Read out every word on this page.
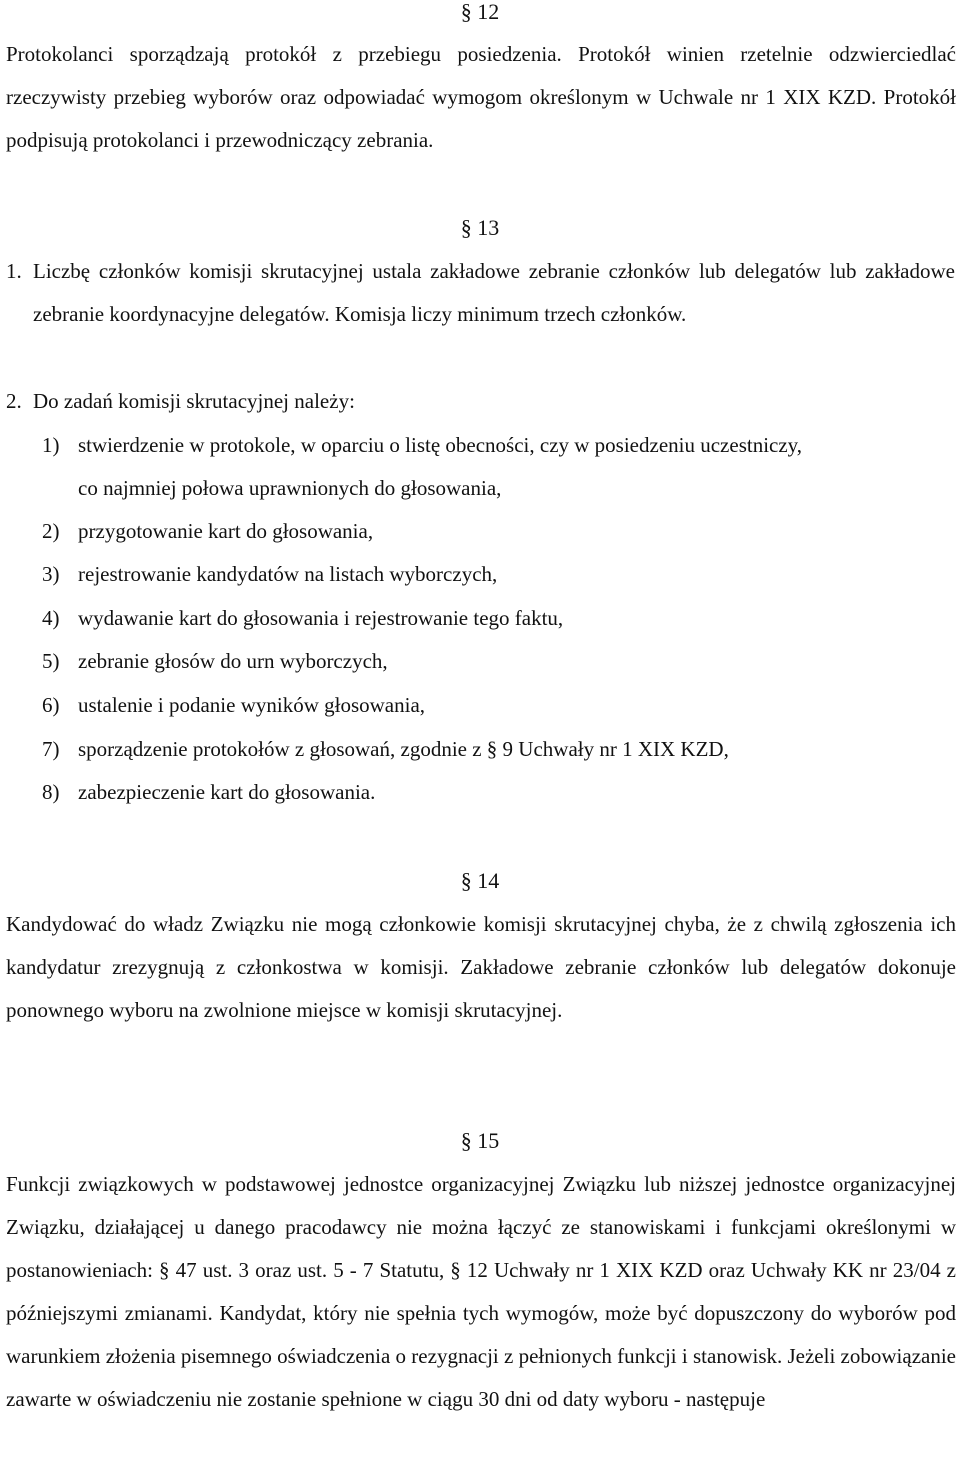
§ 12

Protokolanci sporządzają protokół z przebiegu posiedzenia. Protokół winien rzetelnie odzwierciedlać rzeczywisty przebieg wyborów oraz odpowiadać wymogom określonym w Uchwale nr 1 XIX KZD. Protokół podpisują protokolanci i przewodniczący zebrania.

§ 13
1. Liczbę członków komisji skrutacyjnej ustala zakładowe zebranie członków lub delegatów lub zakładowe zebranie koordynacyjne delegatów. Komisja liczy minimum trzech członków.

2. Do zadań komisji skrutacyjnej należy:
1) stwierdzenie w protokole, w oparciu o listę obecności, czy w posiedzeniu uczestniczy,
co najmniej połowa uprawnionych do głosowania,
2) przygotowanie kart do głosowania,
3) rejestrowanie kandydatów na listach wyborczych,
4) wydawanie kart do głosowania i rejestrowanie tego faktu,
5) zebranie głosów do urn wyborczych,
6) ustalenie i podanie wyników głosowania,
7) sporządzenie protokołów z głosowań, zgodnie z § 9 Uchwały nr 1 XIX KZD,
8) zabezpieczenie kart do głosowania.
§ 14

Kandydować do władz Związku nie mogą członkowie komisji skrutacyjnej chyba, że z chwilą zgłoszenia ich kandydatur zrezygnują z członkostwa w komisji. Zakładowe zebranie członków lub delegatów dokonuje ponownego wyboru na zwolnione miejsce w komisji skrutacyjnej.

§ 15

Funkcji związkowych w podstawowej jednostce organizacyjnej Związku lub niższej jednostce organizacyjnej Związku, działającej u danego pracodawcy nie można łączyć ze stanowiskami i funkcjami określonymi w postanowieniach: § 47 ust. 3 oraz ust. 5 - 7 Statutu, § 12 Uchwały nr 1 XIX KZD oraz Uchwały KK nr 23/04 z późniejszymi zmianami. Kandydat, który nie spełnia tych wymogów, może być dopuszczony do wyborów pod warunkiem złożenia pisemnego oświadczenia o rezygnacji z pełnionych funkcji i stanowisk. Jeżeli zobowiązanie zawarte w oświadczeniu nie zostanie spełnione w ciągu 30 dni od daty wyboru - następuje
